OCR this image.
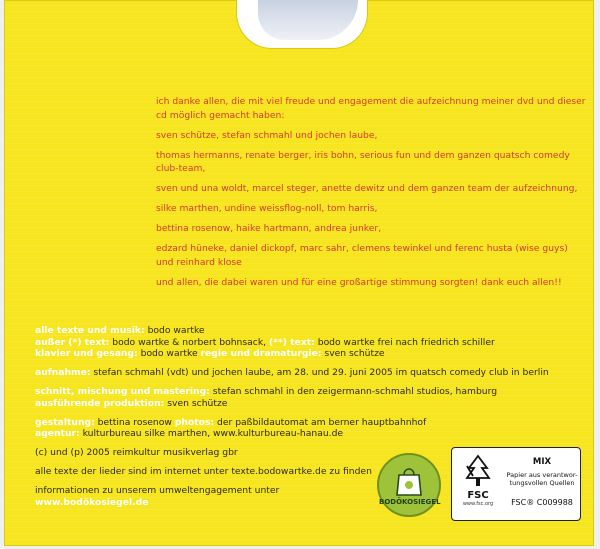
ich danke allen, die mit viel freude und engagement die aufzeichnung meiner dvd und dieser cd möglich gemacht haben:

sven schütze, stefan schmahl und jochen laube,

thomas hermanns, renate berger, iris bohn, serious fun und dem ganzen quatsch comedy club-team,

sven und una woldt, marcel steger, anette dewitz und dem ganzen team der aufzeichnung,

silke marthen, undine weissflog-noll, tom harris,

bettina rosenow, haike hartmann, andrea junker,

edzard hüneke, daniel dickopf, marc sahr, clemens tewinkel und ferenc husta (wise guys) und reinhard klose

und allen, die dabei waren und für eine großartige stimmung sorgten! dank euch allen!!

alle texte und musik: bodo wartke
außer (*) text: bodo wartke & norbert bohnsack, (**) text: bodo wartke frei nach friedrich schiller
klavier und gesang: bodo wartke regie und dramaturgie: sven schütze

aufnahme: stefan schmahl (vdt) und jochen laube, am 28. und 29. juni 2005 im quatsch comedy club in berlin

schnitt, mischung und mastering: stefan schmahl in den zeigermann-schmahl studios, hamburg
ausführende produktion: sven schütze

gestaltung: bettina rosenow photos: der paßbildautomat am berner hauptbahnhof
agentur: kulturbureau silke marthen, www.kulturbureau-hanau.de

(c) und (p) 2005 reimkultur musikverlag gbr

alle texte der lieder sind im internet unter texte.bodowartke.de zu finden

informationen zu unserem umweltengagement unter
www.bodökosiegel.de	BODÖKOSIEGEL
FSC
www.fsc.org
MIX
Papier aus verantwor-tungsvollen Quellen
FSC® C009988
